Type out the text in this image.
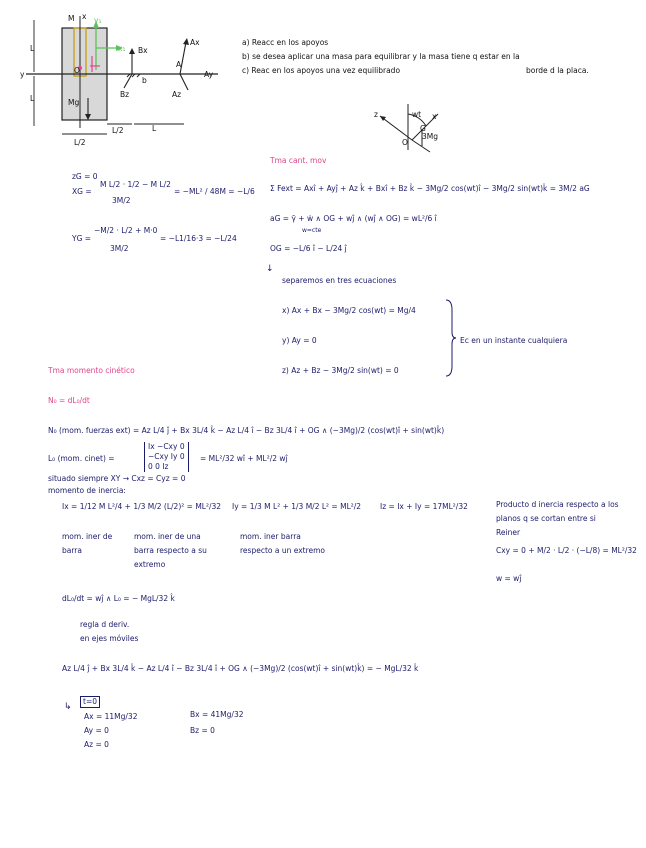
M x y₁
x₁
L
y	O
L	Mg
L/2
Bx
b
Bz
L/2	L
Ax
A
Ay
Az
a) Reacc en los apoyos
b) se desea aplicar una masa para equilibrar y la masa tiene q estar en la
c) Reac en los apoyos una vez equilibrado	borde d la placa.
z	wt x
G
3Mg
O
zG = 0
XG =
M L/2 · 1/2 − M L/2
3M/2
= −ML² / 48M = −L/6
YG =
−M/2 · L/2 + M·0
3M/2
= −L1/16·3 = −L/24
Tma cant. mov
Σ Fext = Axî + Ayĵ + Az k̂ + Bxî + Bz k̂ − 3Mg/2 cos(wt)î − 3Mg/2 sin(wt)k̂ = 3M/2 aG
aG = γ̄ + ẇ ∧ OG + wĵ ∧ (wĵ ∧ OG) = wL²/6 î
w=cte
OG = −L/6 î − L/24 ĵ
↓
separemos en tres ecuaciones
x) Ax + Bx − 3Mg/2 cos(wt) = Mg/4
y) Ay = 0
z) Az + Bz − 3Mg/2 sin(wt) = 0
Ec en un instante cualquiera
Tma momento cinético
N₀ = dL₀/dt
N₀ (mom. fuerzas ext) = Az L/4 ĵ + Bx 3L/4 k̂ − Az L/4 î − Bz 3L/4 î + OG ∧ (−3Mg)/2 (cos(wt)î + sin(wt)k̂)
L₀ (mom. cinet) =
Ix −Cxy 0
−Cxy Iy 0
0 0 Iz
= ML²/32 wî + ML²/2 wĵ
situado siempre XY → Cxz = Cyz = 0
momento de inercia:
Ix = 1/12 M L²/4 + 1/3 M/2 (L/2)² = ML²/32 Iy = 1/3 M L² + 1/3 M/2 L² = ML²/2	Iz = Ix + Iy = 17ML²/32
mom. iner de
barra
mom. iner de una
barra respecto a su
extremo
mom. iner barra
respecto a un extremo
Producto d inercia respecto a los
planos q se cortan entre si
Reiner
Cxy = 0 + M/2 · L/2 · (−L/8) = ML²/32
w = wĵ
dL₀/dt = wĵ ∧ L₀ = − MgL/32 k̂
regla d deriv.
en ejes móviles
Az L/4 ĵ + Bx 3L/4 k̂ − Az L/4 î − Bz 3L/4 î + OG ∧ (−3Mg)/2 (cos(wt)î + sin(wt)k̂) = − MgL/32 k̂
↳
t=0
Ax = 11Mg/32
Ay = 0
Az = 0
Bx = 41Mg/32
Bz = 0
